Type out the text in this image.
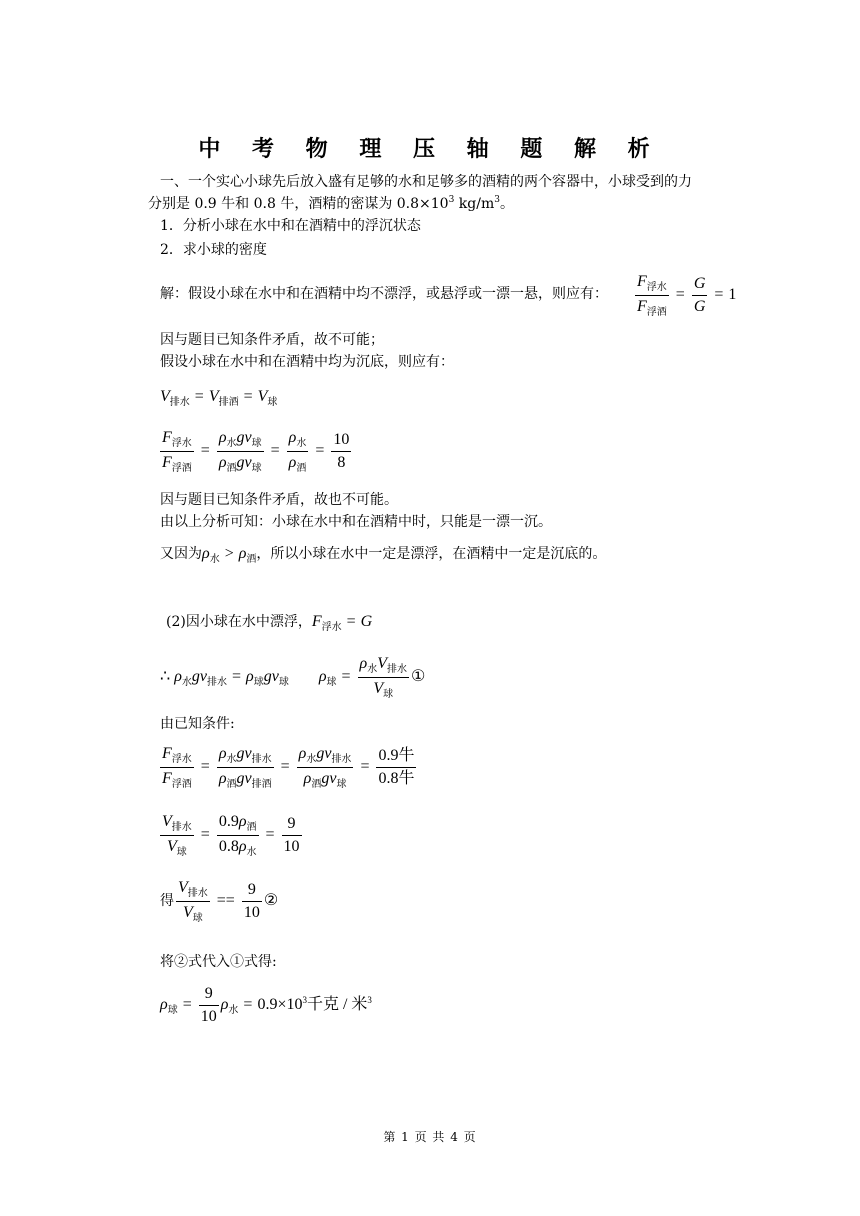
中 考 物 理 压 轴 题 解 析
一、一个实心小球先后放入盛有足够的水和足够多的酒精的两个容器中，小球受到的力
分别是 0.9 牛和 0.8 牛，酒精的密谋为 $0.8\times 10^3$ $kg/m^3$。
1．分析小球在水中和在酒精中的浮沉状态
2．求小球的密度
解：假设小球在水中和在酒精中均不漂浮，或悬浮或一漂一悬，则应有： $\frac{F_{浮水}}{F_{浮酒}} = \frac{G}{G} = 1$
因与题目已知条件矛盾，故不可能；
假设小球在水中和在酒精中均为沉底，则应有：
$V_{排水} = V_{排酒} = V_球$
$\frac{F_{浮水}}{F_{浮酒}} = \frac{\rho_水gv_球}{\rho_酒gv_球} = \frac{\rho_水}{\rho_酒} = \frac{10}{8}$
因与题目已知条件矛盾，故也不可能。
由以上分析可知：小球在水中和在酒精中时，只能是一漂一沉。
又因为$\rho_水 > \rho_酒$，所以小球在水中一定是漂浮，在酒精中一定是沉底的。
(2)因小球在水中漂浮，$F_{浮水} = G$
∴ $\rho_水gv_{排水} = \rho_球gv_球$ $\rho_球 = \frac{\rho_水V_{排水}}{V_球}$ ①
由已知条件:
$\frac{F_{浮水}}{F_{浮酒}} = \frac{\rho_水gv_{排水}}{\rho_酒gv_{排酒}} = \frac{\rho_水gv_{排水}}{\rho_酒gv_球} = \frac{\text{0.9牛}}{\text{0.8牛}}$
$\frac{V_{排水}}{V_球} = \frac{0.9\rho_酒}{0.8\rho_水} = \frac{9}{10}$
得 $\frac{V_{排水}}{V_球} == \frac{9}{10}$ ②
将②式代入①式得:
$\rho_球 = \frac{9}{10} \rho_水 = 0.9\times 10^3$千克 / 米$^3$
第 1 页 共 4 页
